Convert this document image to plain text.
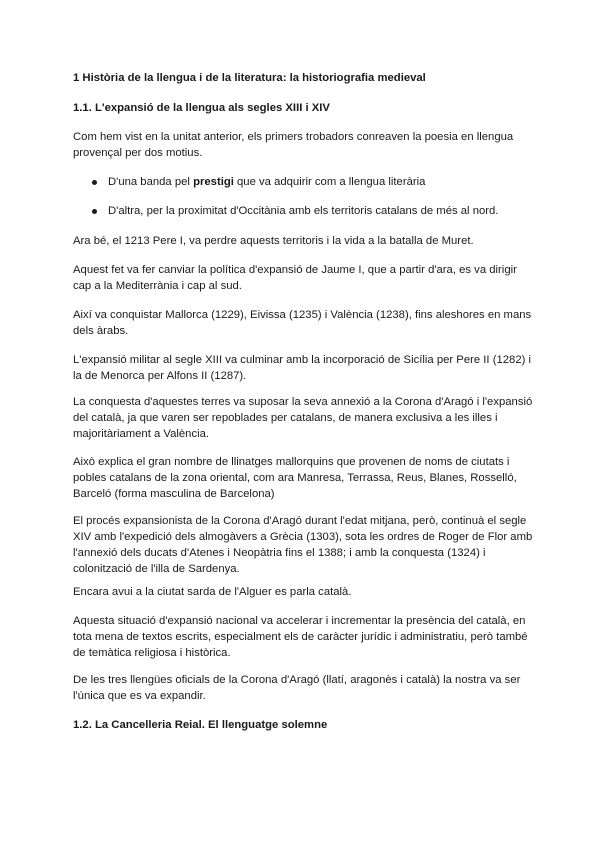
1 Història de la llengua i de la literatura: la historiografia medieval

1.1. L'expansió de la llengua als segles XIII i XIV

Com hem vist en la unitat anterior, els primers trobadors conreaven la poesia en llengua provençal per dos motius.

D'una banda pel prestigi que va adquirir com a llengua literària
D'altra, per la proximitat d'Occitània amb els territoris catalans de més al nord.

Ara bé, el 1213 Pere I, va perdre aquests territoris i la vida a la batalla de Muret.

Aquest fet va fer canviar la política d'expansió de Jaume I, que a partir d'ara, es va dirigir cap a la Mediterrània i cap al sud.

Així va conquistar Mallorca (1229), Eivissa (1235) i València (1238), fins aleshores en mans dels àrabs.

L'expansió militar al segle XIII va culminar amb la incorporació de Sicília per Pere II (1282) i la de Menorca per Alfons II (1287).

La conquesta d'aquestes terres va suposar la seva annexió a la Corona d'Aragó i l'expansió del català, ja que varen ser repoblades per catalans, de manera exclusiva a les illes i majoritàriament a València.

Això explica el gran nombre de llinatges mallorquins que provenen de noms de ciutats i pobles catalans de la zona oriental, com ara Manresa, Terrassa, Reus, Blanes, Rosselló, Barceló (forma masculina de Barcelona)

El procés expansionista de la Corona d'Aragó durant l'edat mitjana, però, continuà el segle XIV amb l'expedició dels almogàvers a Grècia (1303), sota les ordres de Roger de Flor amb l'annexió dels ducats d'Atenes i Neopàtria fins el 1388; i amb la conquesta (1324) i colonització de l'illa de Sardenya.

Encara avui a la ciutat sarda de l'Alguer es parla català.

Aquesta situació d'expansió nacional va accelerar i incrementar la presència del català, en tota mena de textos escrits, especialment els de caràcter jurídic i administratiu, però també de temàtica religiosa i històrica.

De les tres llengües oficials de la Corona d'Aragó (llatí, aragonès i català) la nostra va ser l'única que es va expandir.

1.2. La Cancelleria Reial. El llenguatge solemne
